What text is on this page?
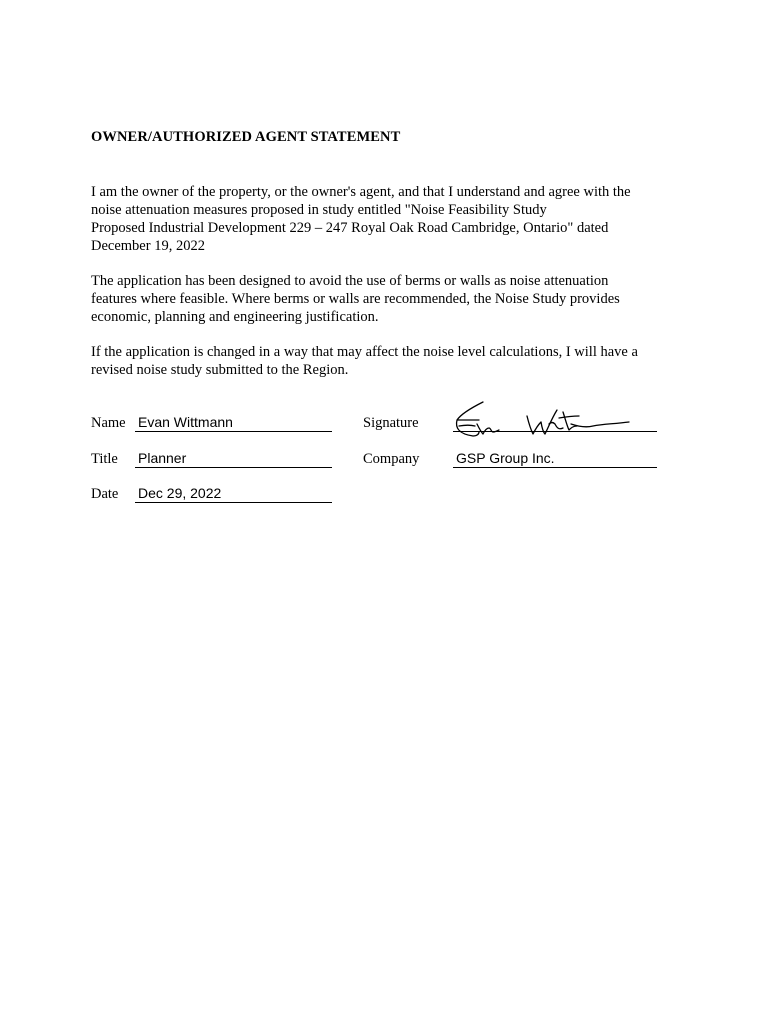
OWNER/AUTHORIZED AGENT STATEMENT

I am the owner of the property, or the owner's agent, and that I understand and agree with the
noise attenuation measures proposed in study entitled "Noise Feasibility Study
Proposed Industrial Development 229 – 247 Royal Oak Road Cambridge, Ontario" dated
December 19, 2022

The application has been designed to avoid the use of berms or walls as noise attenuation
features where feasible. Where berms or walls are recommended, the Noise Study provides
economic, planning and engineering justification.

If the application is changed in a way that may affect the noise level calculations, I will have a
revised noise study submitted to the Region.

Name Evan Wittmann	Signature
Title Planner	Company	GSP Group Inc.
Date Dec 29, 2022
